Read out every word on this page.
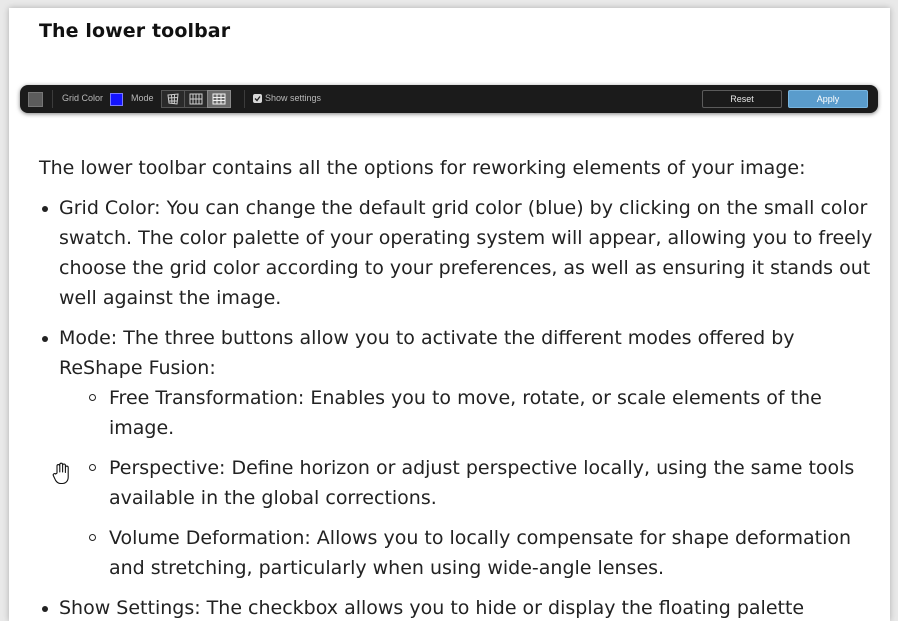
The lower toolbar
Grid Color	Mode	Show settings	Reset	Apply

The lower toolbar contains all the options for reworking elements of your image:

Grid Color: You can change the default grid color (blue) by clicking on the small color swatch. The color palette of your operating system will appear, allowing you to freely choose the grid color according to your preferences, as well as ensuring it stands out well against the image.
Mode: The three buttons allow you to activate the different modes offered by ReShape Fusion:
Free Transformation: Enables you to move, rotate, or scale elements of the image.
Perspective: Define horizon or adjust perspective locally, using the same tools available in the global corrections.
Volume Deformation: Allows you to locally compensate for shape deformation and stretching, particularly when using wide-angle lenses.
Show Settings: The checkbox allows you to hide or display the floating palette
